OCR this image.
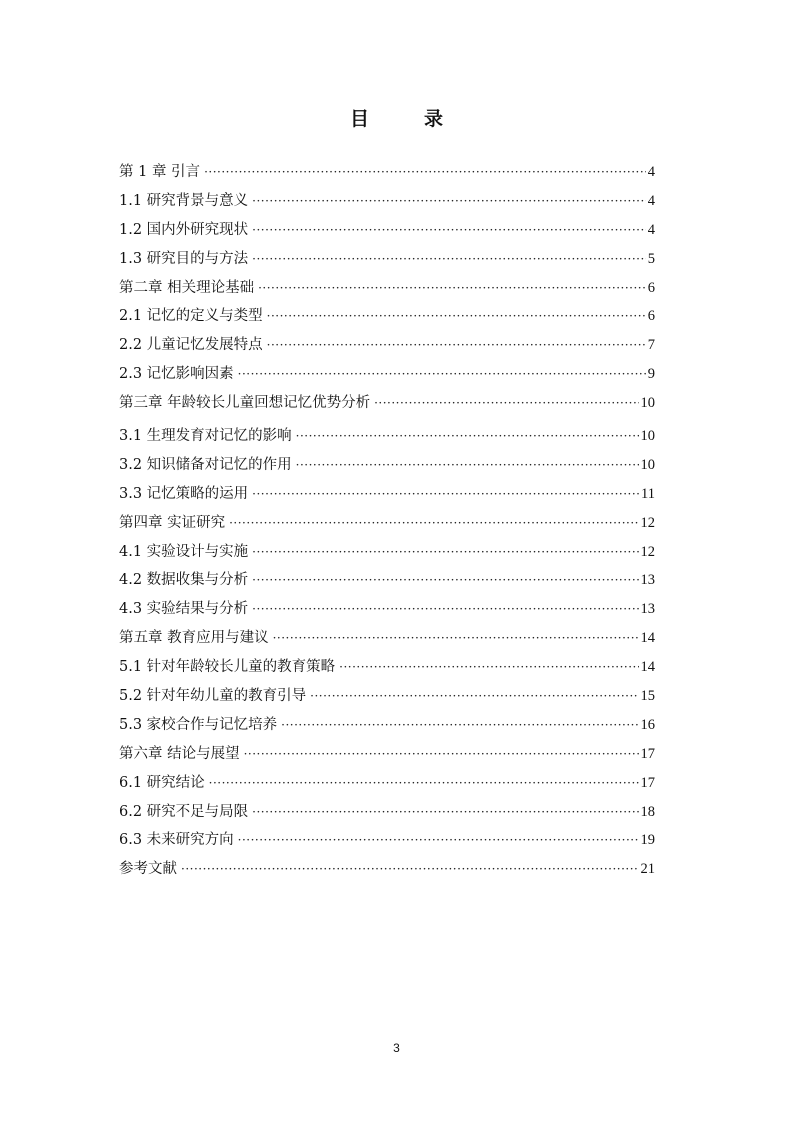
目　录
第 1 章 引言 ·····	4
1.1 研究背景与意义 ·····	4
1.2 国内外研究现状 ·····	4
1.3 研究目的与方法 ·····	5
第二章 相关理论基础 ·····	6
2.1 记忆的定义与类型 ·····	6
2.2 儿童记忆发展特点 ·····	7
2.3 记忆影响因素 ·····	9
第三章 年龄较长儿童回想记忆优势分析 ·····	10
3.1 生理发育对记忆的影响 ·····	10
3.2 知识储备对记忆的作用 ·····	10
3.3 记忆策略的运用 ·····	11
第四章 实证研究 ·····	12
4.1 实验设计与实施 ·····	12
4.2 数据收集与分析 ·····	13
4.3 实验结果与分析 ·····	13
第五章 教育应用与建议 ·····	14
5.1 针对年龄较长儿童的教育策略 ·····	14
5.2 针对年幼儿童的教育引导 ·····	15
5.3 家校合作与记忆培养 ·····	16
第六章 结论与展望 ·····	17
6.1 研究结论 ·····	17
6.2 研究不足与局限 ·····	18
6.3 未来研究方向 ·····	19
参考文献 ·····	21
3
